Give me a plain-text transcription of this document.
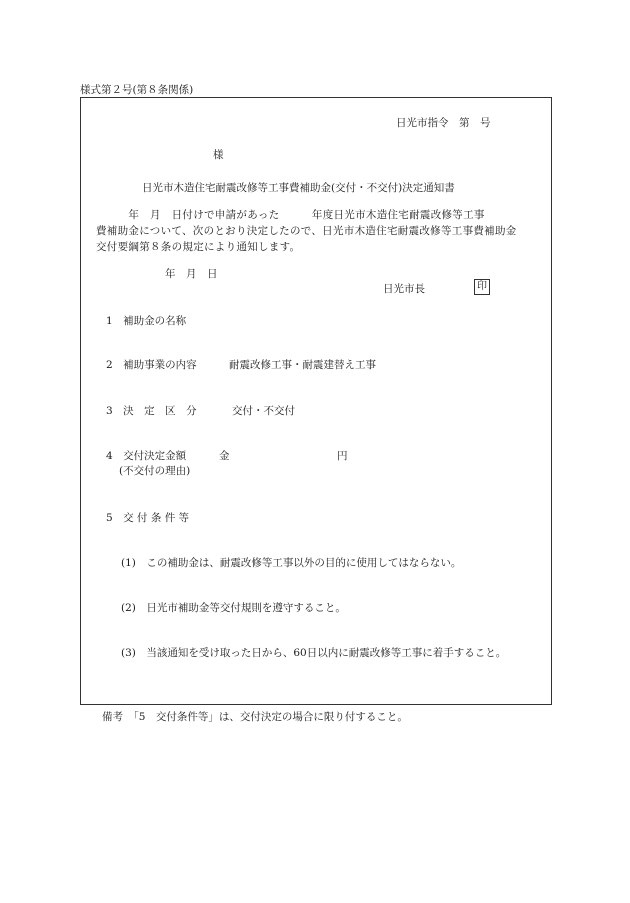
様式第２号(第８条関係)
日光市指令　第　号
様
日光市木造住宅耐震改修等工事費補助金(交付・不交付)決定通知書
　　　年　月　日付けで申請があった　　　年度日光市木造住宅耐震改修等工事
費補助金について、次のとおり決定したので、日光市木造住宅耐震改修等工事費補助金
交付要綱第８条の規定により通知します。
年　月　日
日光市長	印
1　補助金の名称
2　補助事業の内容	耐震改修工事・耐震建替え工事
3　決　定　区　分	交付・不交付
4　交付決定金額	金	円
(不交付の理由)
5　交 付 条 件 等
(1)　この補助金は、耐震改修等工事以外の目的に使用してはならない。
(2)　日光市補助金等交付規則を遵守すること。
(3)　当該通知を受け取った日から、60日以内に耐震改修等工事に着手すること。
備考　「5　交付条件等」は、交付決定の場合に限り付すること。
